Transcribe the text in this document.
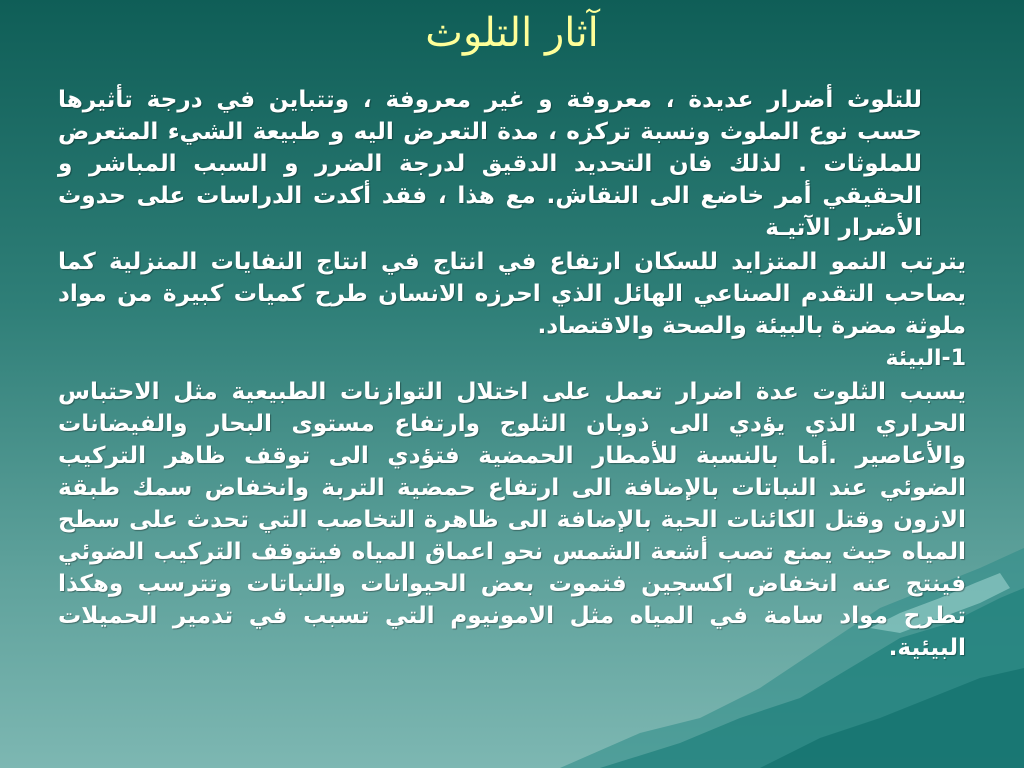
آثار التلوث

للتلوث أضرار عديدة ، معروفة و غير معروفة ، وتتباين في درجة تأثيرها حسب نوع الملوث ونسبة تركزه ، مدة التعرض اليه و طبيعة الشيء المتعرض للملوثات . لذلك فان التحديد الدقيق لدرجة الضرر و السبب المباشر و الحقيقي أمر خاضع الى النقاش. مع هذا ، فقد أكدت الدراسات على حدوث الأضرار الآتيـة

يترتب النمو المتزايد للسكان ارتفاع في انتاج في انتاج النفايات المنزلية كما يصاحب التقدم الصناعي الهائل الذي احرزه الانسان طرح كميات كبيرة من مواد ملوثة مضرة بالبيئة والصحة والاقتصاد.

1-البيئة

يسبب الثلوت عدة اضرار تعمل على اختلال التوازنات الطبيعية مثل الاحتباس الحراري الذي يؤدي الى ذوبان الثلوج وارتفاع مستوى البحار والفيضانات والأعاصير .أما بالنسبة للأمطار الحمضية فتؤدي الى توقف ظاهر التركيب الضوئي عند النباتات بالإضافة الى ارتفاع حمضية التربة وانخفاض سمك طبقة الازون وقتل الكائنات الحية بالإضافة الى ظاهرة التخاصب التي تحدث على سطح المياه حيث يمنع تصب أشعة الشمس نحو اعماق المياه فيتوقف التركيب الضوئي فينتج عنه انخفاض اكسجين فتموت بعض الحيوانات والنباتات وتترسب وهكذا تطرح مواد سامة في المياه مثل الامونيوم التي تسبب في تدمير الحميلات البيئية.
